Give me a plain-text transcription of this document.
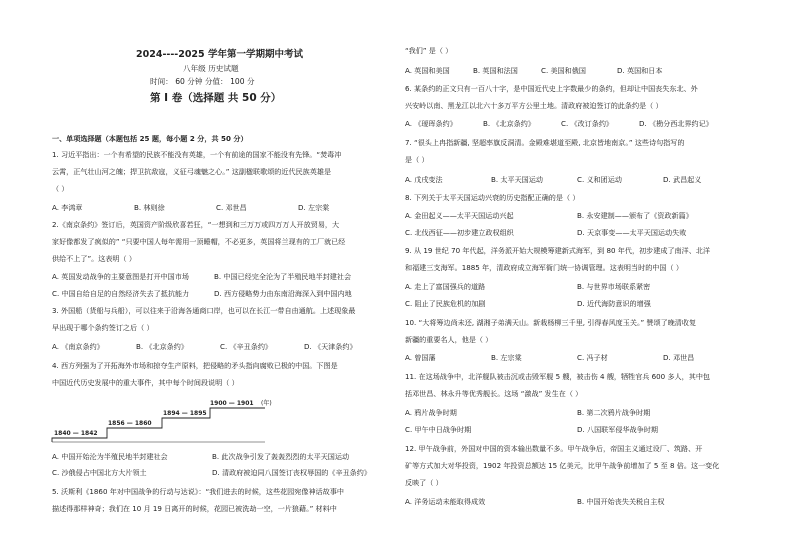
2024----2025 学年第一学期期中考试
八年级 历史试题
时间： 60 分钟 分值： 100 分
第 I 卷（选择题 共 50 分）
一、单项选择题（本题包括 25 题，每小题 2 分，共 50 分）
1. 习近平指出：一个有希望的民族不能没有英雄，一个有前途的国家不能没有先锋。“焚毒冲
云霄，正气壮山河之魄；捍卫抗敌寇，义征弓魂魅之心。” 这副楹联歌颂的近代民族英雄是
（ ）
A. 李鸿章	B. 林则徐	C. 邓世昌	D. 左宗棠
2.《南京条约》签订后，英国资产阶级欣喜若狂，“一想到和三万万或四万万人开放贸易，大
家好像都发了疯似的” “只要中国人每年需用一顶睡帽，不必更多，英国将兰现有的工厂就已经
供给不上了”。这表明（ ）
A. 英国发动战争的主要意图是打开中国市场	B. 中国已经完全沦为了半殖民地半封建社会
C. 中国自给自足的自然经济失去了抵抗能力	D. 西方侵略势力由东南沿海深入到中国内地
3. 外国船（货船与兵船），可以往来于沿海各通商口岸，也可以在长江一带自由通航。上述现象最
早出现于哪个条约签订之后（ ）
A. 《南京条约》	B. 《北京条约》	C. 《辛丑条约》	D. 《天津条约》
4. 西方列强为了开拓海外市场和掠夺生产原料，把侵略的矛头指向腐败已极的中国。下图是
中国近代历史发展中的重大事件，其中每个时间段说明（ ）
1840 — 1842
1856 — 1860
1894 — 1895
1900 — 1901 (年)
A. 中国开始沦为半殖民地半封建社会	B. 此次战争引发了轰轰烈烈的太平天国运动
C. 沙俄侵占中国北方大片领土	D. 清政府被迫同八国签订丧权辱国的《辛丑条约》
5. 沃斯利《1860 年对中国战争的行动与达说》：“我们进去的时候，这些花园宛像神话故事中
描述得那样神奇；我们在 10 月 19 日离开的时候，花园已被洗劫一空，一片狼藉。” 材料中
“我们” 是（ ）
A. 英国和美国	B. 英国和法国	C. 美国和俄国	D. 英国和日本
6. 某条约的正文只有一百八十字，是中国近代史上字数最少的条约，但却让中国丧失东北、外
兴安岭以南、黑龙江以北六十多万平方公里土地。清政府被迫签订的此条约是（ ）
A. 《瑷珲条约》	B. 《北京条约》	C. 《改订条约》	D. 《勘分西北界约记》
7. “很头上冉指新疆, 坚超率旗反洞清。金殿难堪道至殿, 北京皆地南京。” 这些诗句指写的
是（ ）
A. 戊戌变法	B. 太平天国运动	C. 义和团运动	D. 武昌起义
8. 下列关于太平天国运动兴衰的历史指配正确的是（ ）
A. 金田起义——太平天国运动兴起	B. 永安建制——颁布了《资政新篇》
C. 北伐西征——初步建立政权组织	D. 天京事变——太平天国运动失败
9. 从 19 世纪 70 年代起，洋务派开始大规模筹建新式海军，到 80 年代，初步建成了南洋、北洋
和福建三支海军。1885 年，清政府成立海军衙门统一协调管理。这表明当时的中国（ ）
A. 走上了富国强兵的道路	B. 与世界市场联系紧密
C. 阻止了民族危机的加剧	D. 近代海防意识的增强
10. “大将筹边尚未还, 湖湘子弟满天山。新栽杨柳三千里, 引得春风度玉关。” 赞颂了晚清收复
新疆的重要名人，他是（ ）
A. 曾国藩	B. 左宗棠	C. 冯子材	D. 邓世昌
11. 在这场战争中，北洋舰队被击沉或击毁军舰 5 艘，被击伤 4 艘，牺牲官兵 600 多人，其中包
括邓世昌、林永升等优秀舰长。这场 “激战” 发生在（ ）
A. 鸦片战争时期	B. 第二次鸦片战争时期
C. 甲午中日战争时期	D. 八国联军侵华战争时期
12. 甲午战争前，外国对中国的资本输出数量不多。甲午战争后，帝国主义通过设厂、筑路、开
矿等方式加大对华投资，1902 年投资总额达 15 亿美元，比甲午战争前增加了 5 至 8 倍。这一变化
反映了（ ）
A. 洋务运动未能取得成效	B. 中国开始丧失关税自主权
